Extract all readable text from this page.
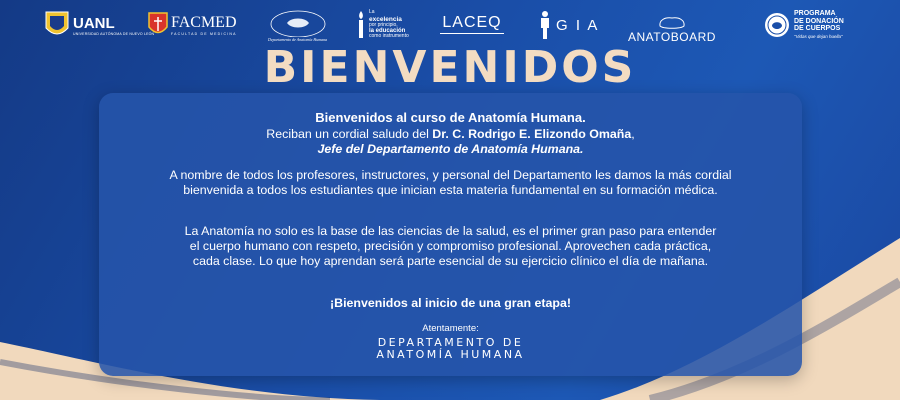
UANL
UNIVERSIDAD AUTÓNOMA DE NUEVO LEÓN
FACMED
FACULTAD DE MEDICINA
Departamento de Anatomía Humana
La
excelencia
por principio,
la educación
como instrumento
LACEQ	G I A
ANATOBOARD
PROGRAMA
DE DONACIÓN
DE CUERPOS
"Vidas que dejan huella"
BIENVENIDOS

Bienvenidos al curso de Anatomía Humana.

Reciban un cordial saludo del Dr. C. Rodrigo E. Elizondo Omaña,

Jefe del Departamento de Anatomía Humana.

A nombre de todos los profesores, instructores, y personal del Departamento les damos la más cordial bienvenida a todos los estudiantes que inician esta materia fundamental en su formación médica.

La Anatomía no solo es la base de las ciencias de la salud, es el primer gran paso para entender el cuerpo humano con respeto, precisión y compromiso profesional. Aprovechen cada práctica, cada clase. Lo que hoy aprendan será parte esencial de su ejercicio clínico el día de mañana.

¡Bienvenidos al inicio de una gran etapa!

Atentamente:

DEPARTAMENTO DE
ANATOMÍA HUMANA
